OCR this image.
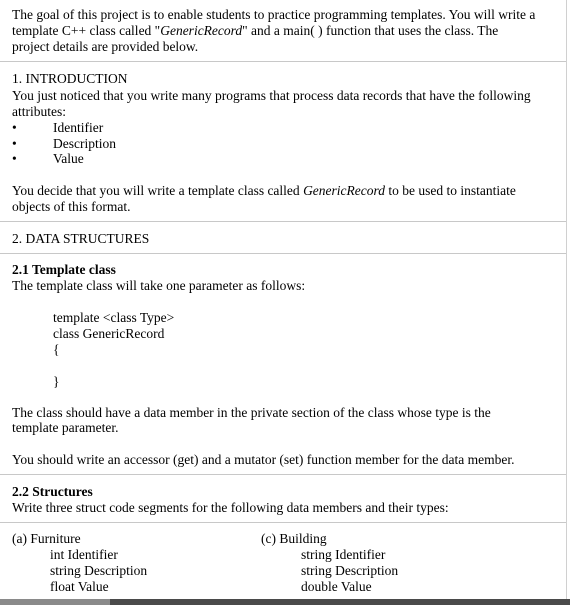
The goal of this project is to enable students to practice programming templates. You will write a
template C++ class called "GenericRecord" and a main( ) function that uses the class. The
project details are provided below.
1. INTRODUCTION
You just noticed that you write many programs that process data records that have the following
attributes:
•	Identifier
•	Description
•	Value
You decide that you will write a template class called GenericRecord to be used to instantiate
objects of this format.
2. DATA STRUCTURES
2.1 Template class
The template class will take one parameter as follows:
template <class Type>
class GenericRecord
{
}
The class should have a data member in the private section of the class whose type is the
template parameter.
You should write an accessor (get) and a mutator (set) function member for the data member.
2.2 Structures
Write three struct code segments for the following data members and their types:
(a) Furniture
int Identifier
string Description
float Value
(c) Building
string Identifier
string Description
double Value
